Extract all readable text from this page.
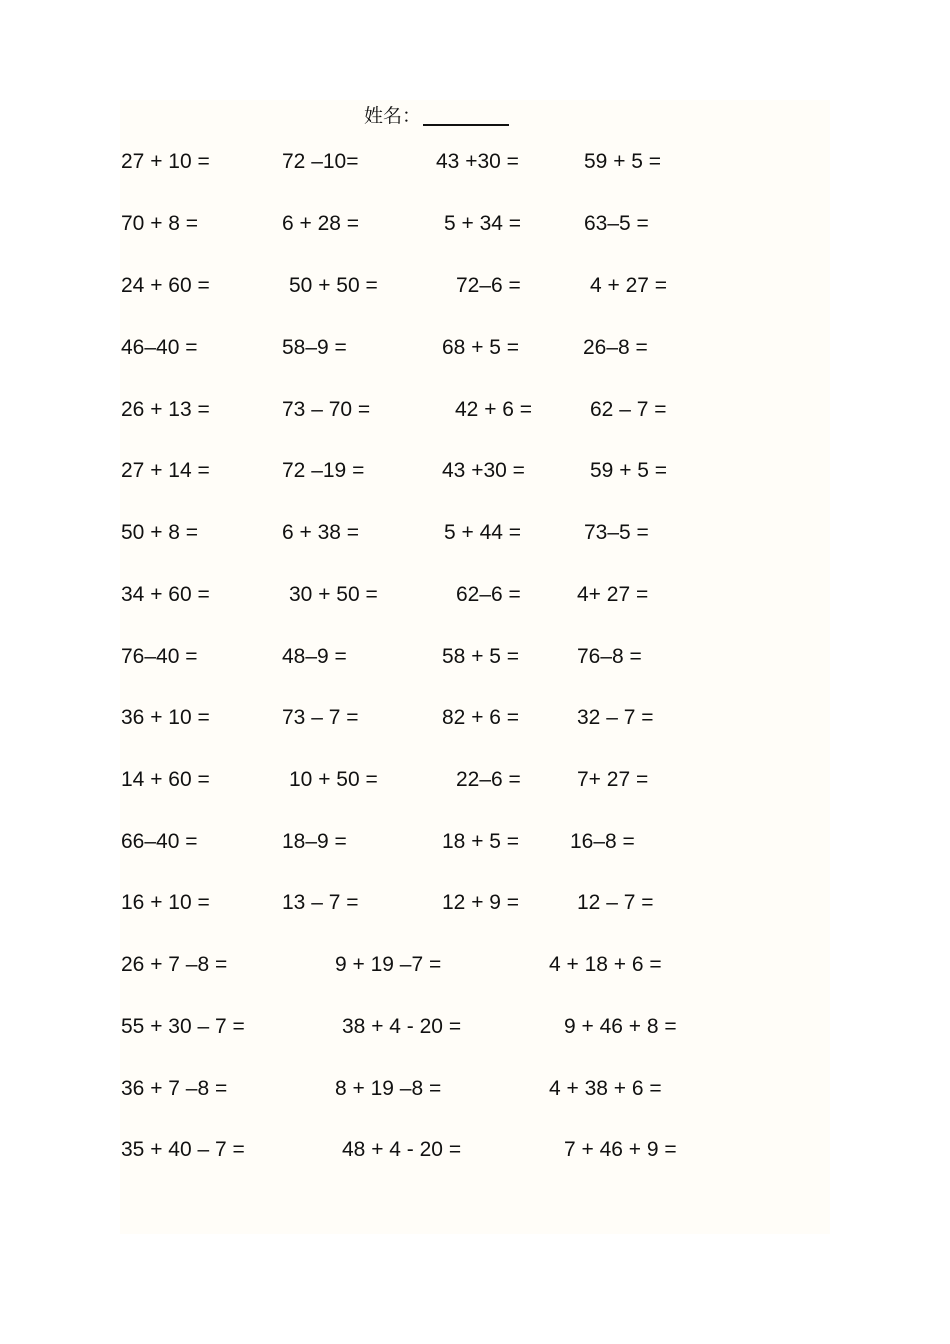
姓名：
27 + 10 =	72 –10=	43 +30 =	59 + 5 =
70 + 8 =	6 + 28 =	5 + 34 =	63–5 =
24 + 60 =	50 + 50 =	72–6 =	4 + 27 =
46–40 =	58–9 =	68 + 5 =	26–8 =
26 + 13 =	73 – 70 =	42 + 6 =	62 – 7 =
27 + 14 =	72 –19 =	43 +30 =	59 + 5 =
50 + 8 =	6 + 38 =	5 + 44 =	73–5 =
34 + 60 =	30 + 50 =	62–6 =	4+ 27 =
76–40 =	48–9 =	58 + 5 =	76–8 =
36 + 10 =	73 – 7 =	82 + 6 =	32 – 7 =
14 + 60 =	10 + 50 =	22–6 =	7+ 27 =
66–40 =	18–9 =	18 + 5 = 16–8 =
16 + 10 =	13 – 7 =	12 + 9 =	12 – 7 =
26 + 7 –8 =	9 + 19 –7 =	4 + 18 + 6 =
55 + 30 – 7 =	38 + 4 - 20 =	9 + 46 + 8 =
36 + 7 –8 =	8 + 19 –8 =	4 + 38 + 6 =
35 + 40 – 7 =	48 + 4 - 20 =	7 + 46 + 9 =
